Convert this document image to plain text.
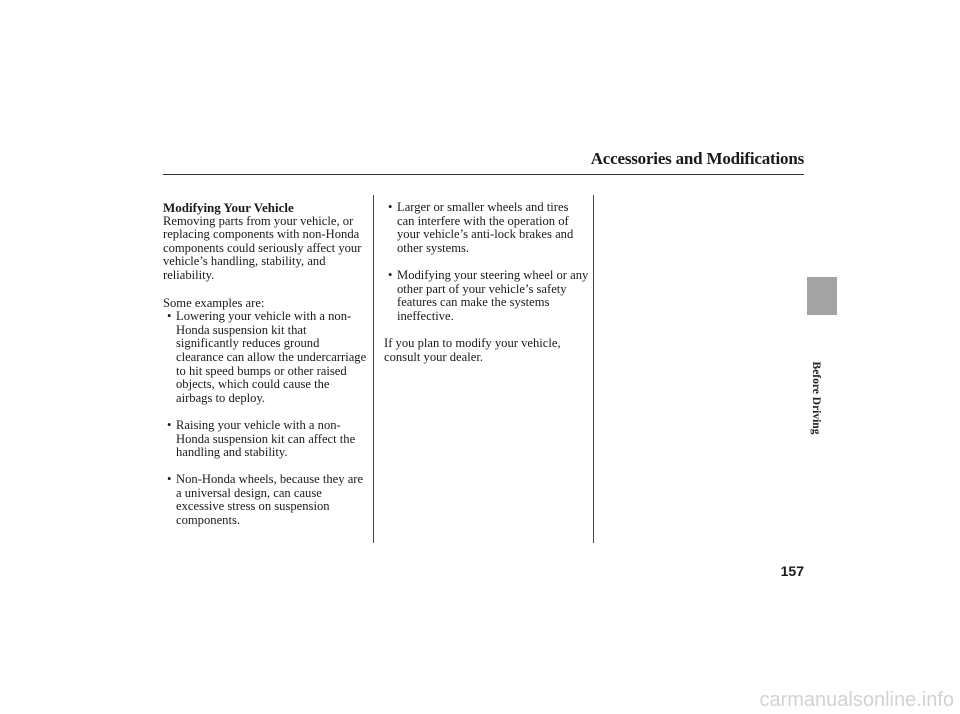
Accessories and Modifications
Modifying Your Vehicle

Removing parts from your vehicle, or replacing components with non-Honda components could seriously affect your vehicle’s handling, stability, and reliability.

Some examples are:

• Lowering your vehicle with a non-Honda suspension kit that significantly reduces ground clearance can allow the undercarriage to hit speed bumps or other raised objects, which could cause the airbags to deploy.
• Raising your vehicle with a non-Honda suspension kit can affect the handling and stability.
• Non-Honda wheels, because they are a universal design, can cause excessive stress on suspension components.
• Larger or smaller wheels and tires can interfere with the operation of your vehicle’s anti-lock brakes and other systems.
• Modifying your steering wheel or any other part of your vehicle’s safety features can make the systems ineffective.

If you plan to modify your vehicle, consult your dealer.

Before Driving
157
carmanualsonline.info
